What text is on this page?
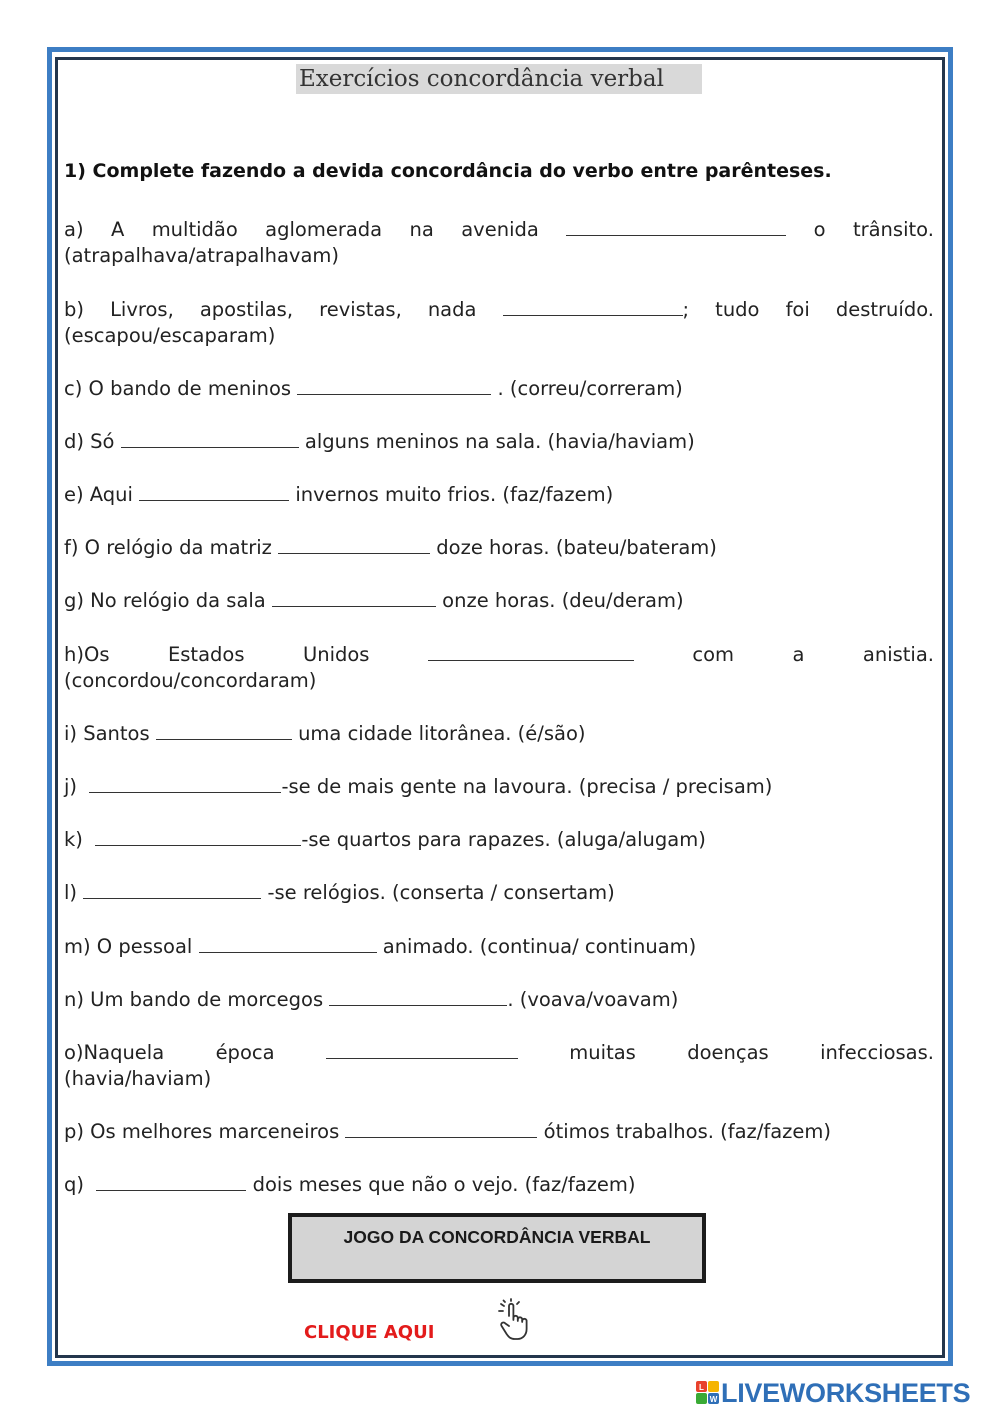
Exercícios concordância verbal
1) Complete fazendo a devida concordância do verbo entre parênteses.
a) A multidão aglomerada na avenida	o trânsito.
(atrapalhava/atrapalhavam)
b) Livros, apostilas, revistas, nada	; tudo foi destruído.
(escapou/escaparam)
c) O bando de meninos	. (correu/correram)
d) Só	alguns meninos na sala. (havia/haviam)
e) Aqui	invernos muito frios. (faz/fazem)
f) O relógio da matriz	doze horas. (bateu/bateram)
g) No relógio da sala	onze horas. (deu/deram)
h)Os	Estados	Unidos	com	a	anistia.
(concordou/concordaram)
i) Santos	uma cidade litorânea. (é/são)
j)	-se de mais gente na lavoura. (precisa / precisam)
k)	-se quartos para rapazes. (aluga/alugam)
l)	-se relógios. (conserta / consertam)
m) O pessoal	animado. (continua/ continuam)
n) Um bando de morcegos	. (voava/voavam)
o)Naquela	época	muitas	doenças	infecciosas.
(havia/haviam)
p) Os melhores marceneiros	ótimos trabalhos. (faz/fazem)
q)	dois meses que não o vejo. (faz/fazem)
JOGO DA CONCORDÂNCIA VERBAL
CLIQUE AQUI
L
W LIVEWORKSHEETS
